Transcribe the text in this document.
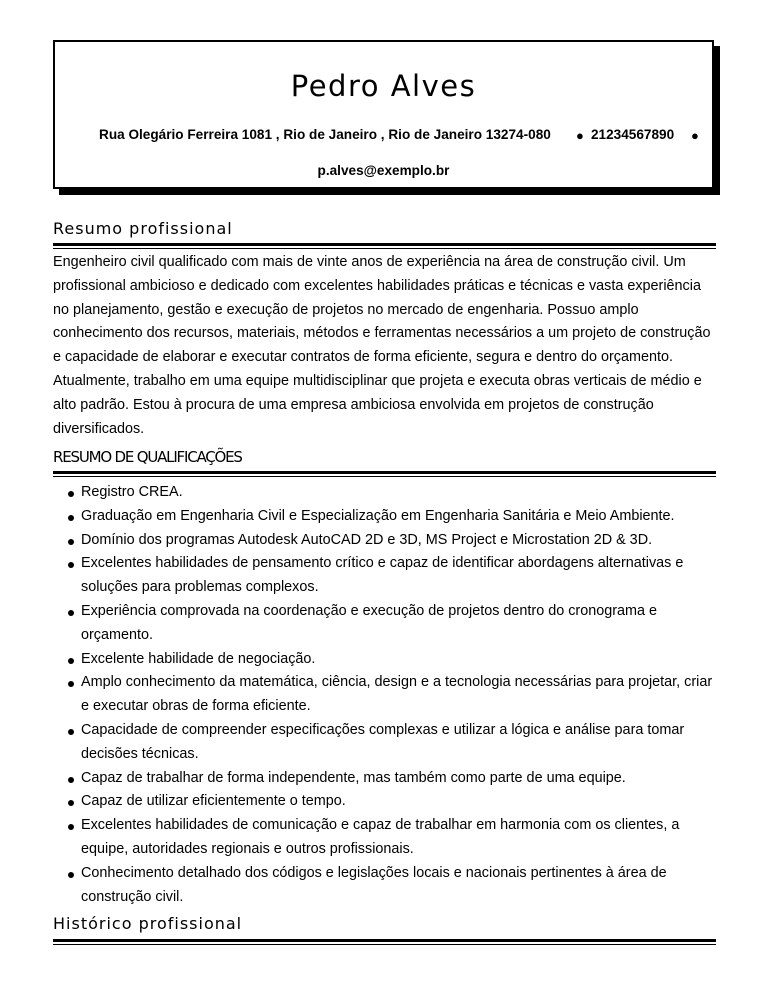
Pedro Alves
Rua Olegário Ferreira 1081 , Rio de Janeiro , Rio de Janeiro 13274-080 ● 21234567890 ●
p.alves@exemplo.br
Resumo profissional

Engenheiro civil qualificado com mais de vinte anos de experiência na área de construção civil. Um profissional ambicioso e dedicado com excelentes habilidades práticas e técnicas e vasta experiência no planejamento, gestão e execução de projetos no mercado de engenharia. Possuo amplo conhecimento dos recursos, materiais, métodos e ferramentas necessários a um projeto de construção e capacidade de elaborar e executar contratos de forma eficiente, segura e dentro do orçamento. Atualmente, trabalho em uma equipe multidisciplinar que projeta e executa obras verticais de médio e alto padrão. Estou à procura de uma empresa ambiciosa envolvida em projetos de construção diversificados.

RESUMO DE QUALIFICAÇÕES
Registro CREA.
Graduação em Engenharia Civil e Especialização em Engenharia Sanitária e Meio Ambiente.
Domínio dos programas Autodesk AutoCAD 2D e 3D, MS Project e Microstation 2D & 3D.
Excelentes habilidades de pensamento crítico e capaz de identificar abordagens alternativas e soluções para problemas complexos.
Experiência comprovada na coordenação e execução de projetos dentro do cronograma e orçamento.
Excelente habilidade de negociação.
Amplo conhecimento da matemática, ciência, design e a tecnologia necessárias para projetar, criar e executar obras de forma eficiente.
Capacidade de compreender especificações complexas e utilizar a lógica e análise para tomar decisões técnicas.
Capaz de trabalhar de forma independente, mas também como parte de uma equipe.
Capaz de utilizar eficientemente o tempo.
Excelentes habilidades de comunicação e capaz de trabalhar em harmonia com os clientes, a equipe, autoridades regionais e outros profissionais.
Conhecimento detalhado dos códigos e legislações locais e nacionais pertinentes à área de construção civil.
Histórico profissional
